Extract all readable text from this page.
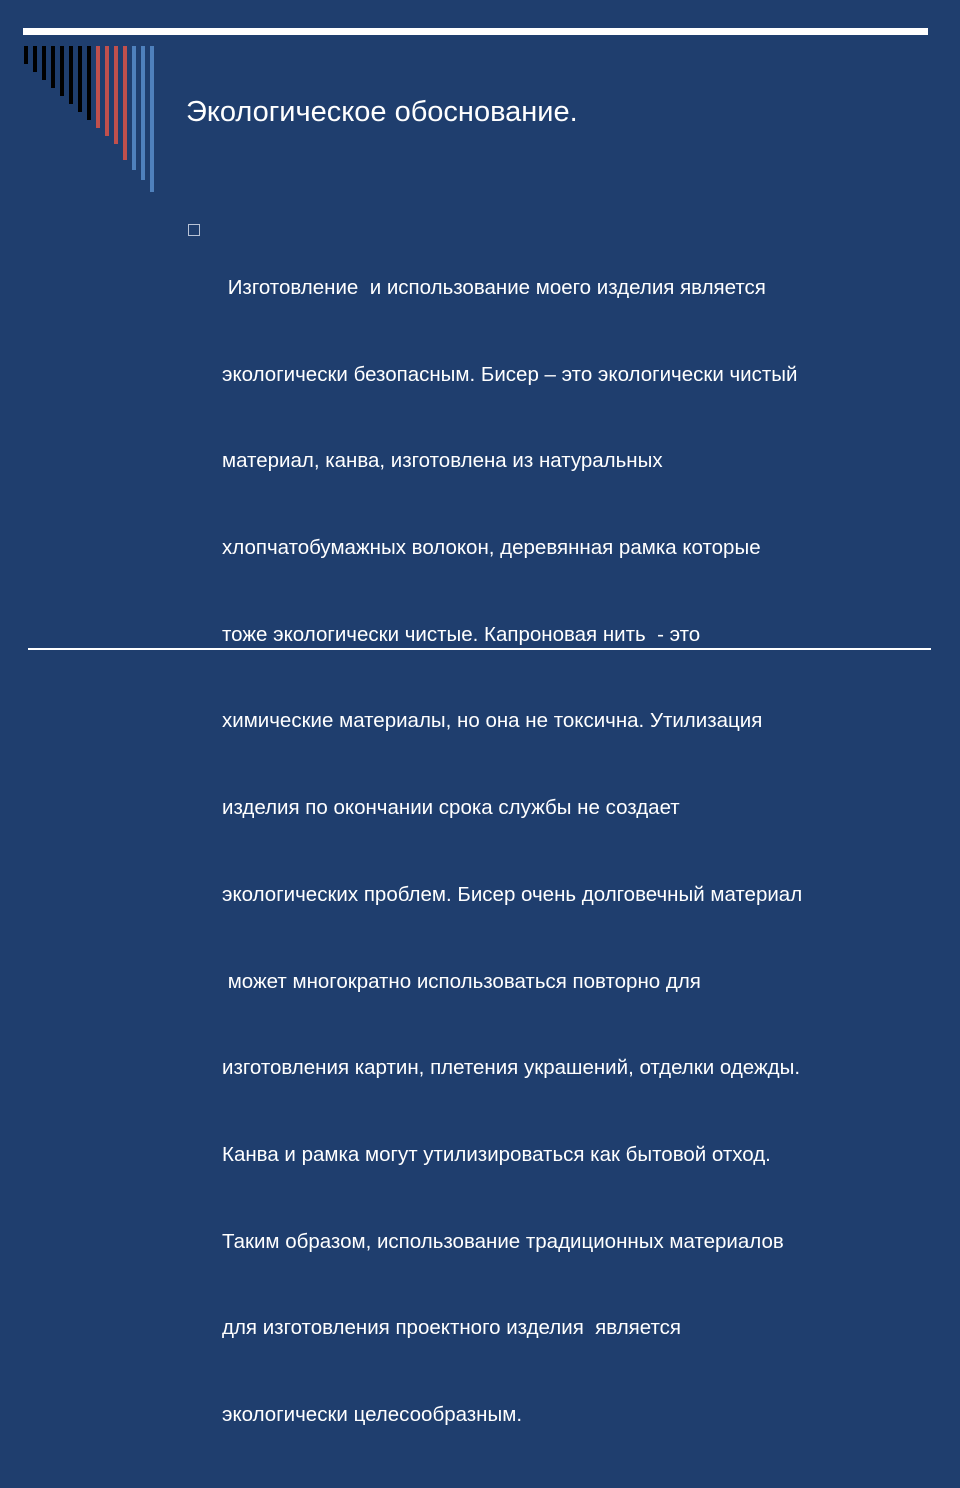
Экологическое обоснование.

Изготовление  и использование моего изделия является

экологически безопасным. Бисер – это экологически чистый

материал, канва, изготовлена из натуральных

хлопчатобумажных волокон, деревянная рамка которые

тоже экологически чистые. Капроновая нить  - это

химические материалы, но она не токсична. Утилизация

изделия по окончании срока службы не создает

экологических проблем. Бисер очень долговечный материал

может многократно использоваться повторно для

изготовления картин, плетения украшений, отделки одежды.

Канва и рамка могут утилизироваться как бытовой отход.

Таким образом, использование традиционных материалов

для изготовления проектного изделия  является

экологически целесообразным.
